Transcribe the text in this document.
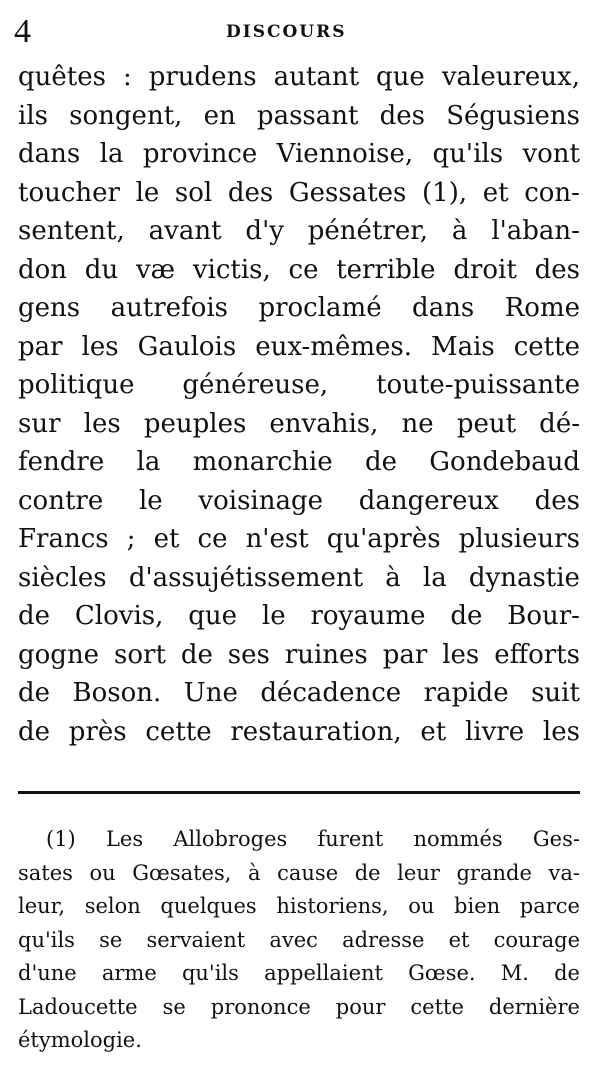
4	DISCOURS
quêtes : prudens autant que valeureux,
ils songent, en passant des Ségusiens
dans la province Viennoise, qu'ils vont
toucher le sol des Gessates (1), et con-
sentent, avant d'y pénétrer, à l'aban-
don du væ victis, ce terrible droit des
gens autrefois proclamé dans Rome
par les Gaulois eux-mêmes. Mais cette
politique généreuse, toute-puissante
sur les peuples envahis, ne peut dé-
fendre la monarchie de Gondebaud
contre le voisinage dangereux des
Francs ; et ce n'est qu'après plusieurs
siècles d'assujétissement à la dynastie
de Clovis, que le royaume de Bour-
gogne sort de ses ruines par les efforts
de Boson. Une décadence rapide suit
de près cette restauration, et livre les
(1) Les Allobroges furent nommés Ges-
sates ou Gœsates, à cause de leur grande va-
leur, selon quelques historiens, ou bien parce
qu'ils se servaient avec adresse et courage
d'une arme qu'ils appellaient Gœse. M. de
Ladoucette se prononce pour cette dernière
étymologie.
